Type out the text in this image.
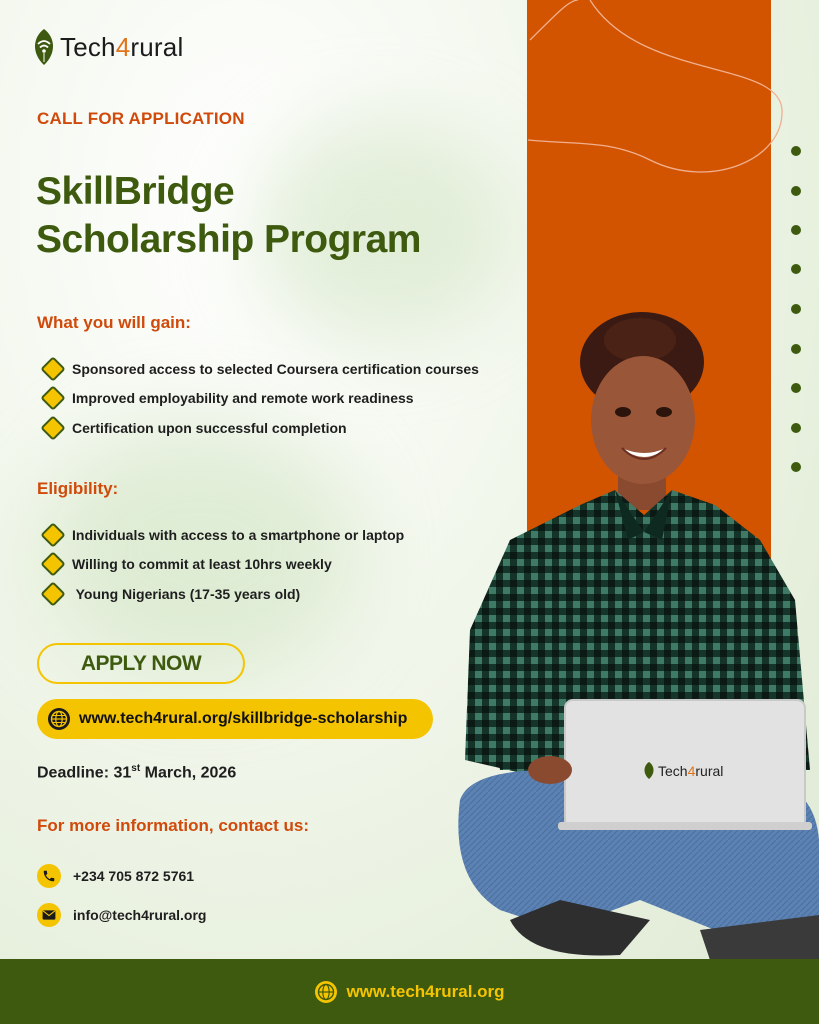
Tech4rural
CALL FOR APPLICATION
SkillBridge
Scholarship Program
What you will gain:
Sponsored access to selected Coursera certification courses
Improved employability and remote work readiness
Certification upon successful completion
Eligibility:
Individuals with access to a smartphone or laptop
Willing to commit at least 10hrs weekly
Young Nigerians (17-35 years old)
APPLY NOW
www.tech4rural.org/skillbridge-scholarship
Deadline: 31st March, 2026
For more information, contact us:
+234 705 872 5761
info@tech4rural.org
Tech4rural
www.tech4rural.org
